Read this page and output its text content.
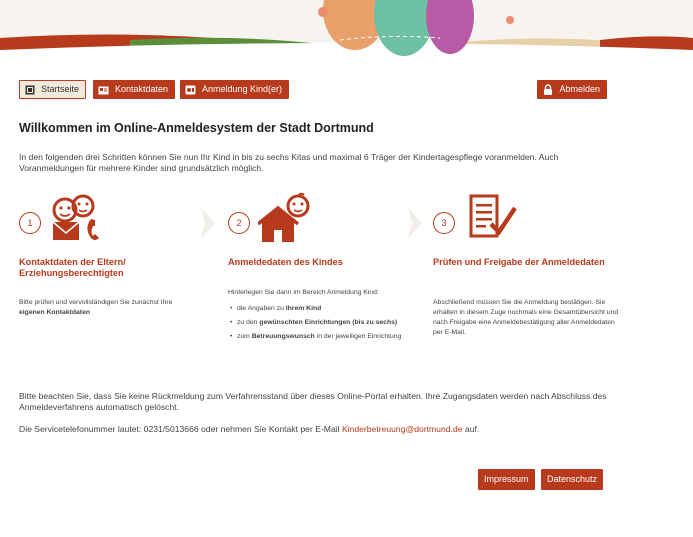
Startseite	Kontaktdaten	Anmeldung Kind(er)	Abmelden
Willkommen im Online-Anmeldesystem der Stadt Dortmund

In den folgenden drei Schritten können Sie nun Ihr Kind in bis zu sechs Kitas und maximal 6 Träger der Kindertagespflege voranmelden. Auch Voranmeldungen für mehrere Kinder sind grundsätzlich möglich.

1
Kontaktdaten der Eltern/ Erziehungsberechtigten
Bitte prüfen und vervollständigen Sie zunächst Ihre
eigenen Kontaktdaten
2
Anmeldedaten des Kindes
Hinterlegen Sie dann im Bereich Anmeldung Kind:
• die Angaben zu Ihrem Kind
• zu den gewünschten Einrichtungen (bis zu sechs)
• zum Betreuungswunsch in der jeweiligen Einrichtung
3
Prüfen und Freigabe der Anmeldedaten
Abschließend müssen Sie die Anmeldung bestätigen. Sie erhalten in diesem Zuge nochmals eine Gesamtübersicht und nach Freigabe eine Anmeldebestätigung aller Anmeldedaten per E-Mail.

Bitte beachten Sie, dass Sie keine Rückmeldung zum Verfahrensstand über dieses Online-Portal erhalten. Ihre Zugangsdaten werden nach Abschluss des Anmeldeverfahrens automatisch gelöscht.

Die Servicetelefonummer lautet: 0231/5013666 oder nehmen Sie Kontakt per E-Mail Kinderbetreuung@dortmund.de auf.

Impressum	Datenschutz
